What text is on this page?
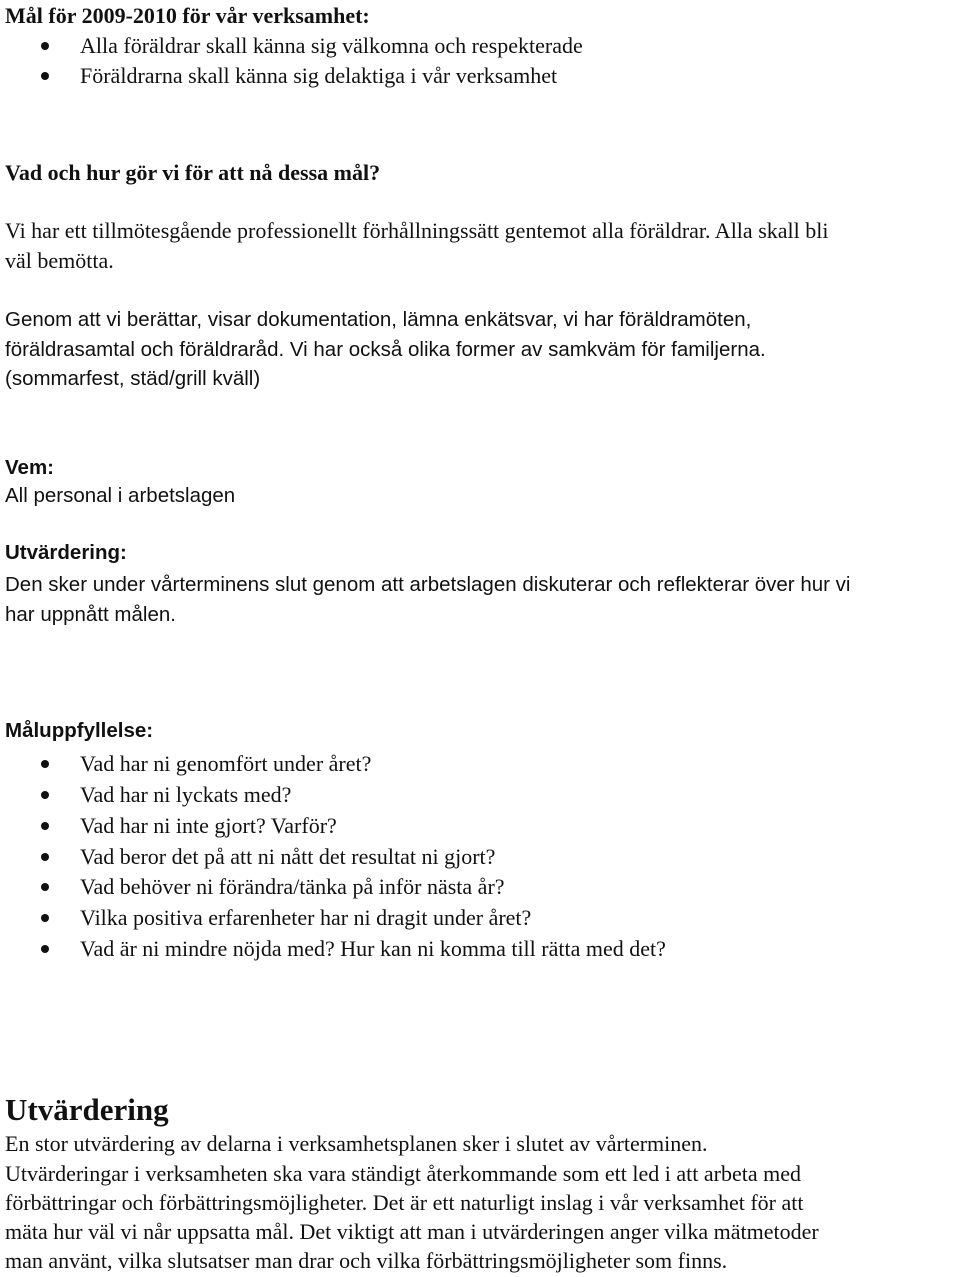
Mål för 2009-2010 för vår verksamhet:

Alla föräldrar skall känna sig välkomna och respekterade

Föräldrarna skall känna sig delaktiga i vår verksamhet

Vad och hur gör vi för att nå dessa mål?

Vi har ett tillmötesgående professionellt förhållningssätt gentemot alla föräldrar. Alla skall bli

väl bemötta.

Genom att vi berättar, visar dokumentation, lämna enkätsvar, vi har föräldramöten,

föräldrasamtal och föräldraråd. Vi har också olika former av samkväm för familjerna.

(sommarfest, städ/grill kväll)

Vem:

All personal i arbetslagen

Utvärdering:

Den sker under vårterminens slut genom att arbetslagen diskuterar och reflekterar över hur vi

har uppnått målen.

Måluppfyllelse:

Vad har ni genomfört under året?

Vad har ni lyckats med?

Vad har ni inte gjort? Varför?

Vad beror det på att ni nått det resultat ni gjort?

Vad behöver ni förändra/tänka på inför nästa år?

Vilka positiva erfarenheter har ni dragit under året?

Vad är ni mindre nöjda med? Hur kan ni komma till rätta med det?

Utvärdering

En stor utvärdering av delarna i verksamhetsplanen sker i slutet av vårterminen.

Utvärderingar i verksamheten ska vara ständigt återkommande som ett led i att arbeta med

förbättringar och förbättringsmöjligheter. Det är ett naturligt inslag i vår verksamhet för att

mäta hur väl vi når uppsatta mål. Det viktigt att man i utvärderingen anger vilka mätmetoder

man använt, vilka slutsatser man drar och vilka förbättringsmöjligheter som finns.
